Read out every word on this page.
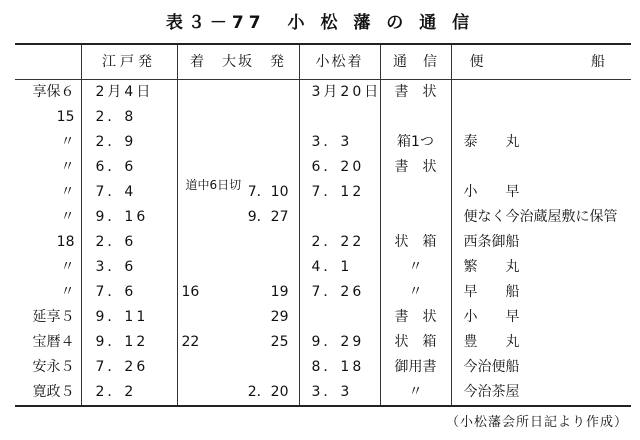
表３－77　小 松 藩 の 通 信
	江戸発	着　大坂　発	小松着	通　信	便 船

享保６	2月4日		3月20日	書　状	
15	2．8	

〃	2．9		3．3	箱1つ	泰　　丸
〃	6．6	道中6日切	6．20	書　状	
〃	7．4	7．10	7．12		小　　早
〃	9．16	9．27			便なく今治蔵屋敷に保管
18	2．6		2．22	状　箱	西条御船
〃	3．6		4．1	〃	繁　　丸
〃	7．6	16 19	7．26	〃	早　　船
延享５	9．11	29		書　状	小　　早
宝暦４	9．12	22 25	9．29	状　箱	豊　　丸
安永５	7．26		8．18	御用書	今治便船
寛政５	2．2	2．20	3．3	〃	今治茶屋
（小松藩会所日記より作成）
